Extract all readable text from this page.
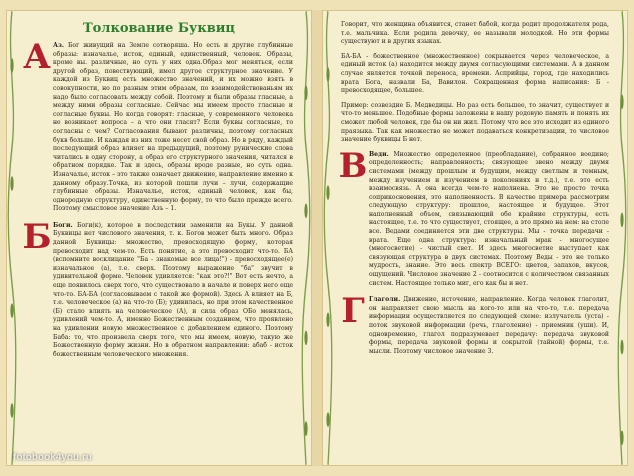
Толкование Буквиц
А Аз. Бог живущий на Земле сотворяша. Но есть и другие глубинные образы: изначалье, исток, единый, единственный, человек. Образы, кроме вы. различные, но суть у них одна.Образ мог меняться, если другой образ, повествующий, имел другое структурное значение. У каждой из Буквиц есть множество значений, и их можно взять в совокупности, но по разным этим образам, по взаимодействованьям их надо было согласовать между собой. Поэтому и были образы гласные, а между ними образы согласные. Сейчас мы имеем просто гласные и согласные буквы. Но когда говорят: гласные, у современного человека не возникает вопроса – а что они гласят? Если буквы согласные, то согласны с чем? Согласования бывают различны, поэтому согласных букв больше. И каждая из них тоже несет свой образ. Но в ряду, каждый последующий образ влияет на предыдущий, поэтому рунические слова читались в одну сторону, а образ его структурного значения, читался в обратном порядке. Так и здесь, образы вроде разные, но суть одна. Изначалье, исток – это также означает движение, направление именно к данному образу.Точка, из которой пошли лучи – лучи, содержащие глубинные образы. Изначалье, исток, единый человек, как бы, однородную структуру, единственную форму, то что было прежде всего. Поэтому смысловое значение Азъ – 1.

Б Боги. Боги(к), которое в последствии заменили на Букы. У данной Буквицы нет числового значения, т. к. Богов может быть много. Образ данной Буквицы: множество, превосходящую форму, которая превосходит над чем-то. Есть понятие, а это превосходит что-то. БА (вспомните восклицание "Ба - знакомые все лица!") - превосходящее(е) изначальное (а), т.е. сверх. Поэтому выражение "ба" звучит в удивительной форме. Человек удивляется: "как это?!" Вот есть нечто, а еще появилось сверх того, что существовало в начале и поверх него еще что-то. БА-БА (согласовываем с такой же формой). Здесь А влияет на Б, т.е. человеческое (а) на что-то (Б); удивилась, но при этом качественное (Б) стало влиять на человеческое (А), и сила образ ОБо менялась, удивлений чем-то. А, именно Божественным созданием, что проявлено на удивлении новую множественное с добавлением единого. Поэтому Баба: то, что произвела сверх того, что мы имеем, новую, такую же Божественную форму жизни. Но в обратном направлении: абаб - исток божественным человеческого множения.

fotobook4you.ru

Говорит, что женщина объявится, станет бабой, когда родит продолжателя рода, т.е. мальчика. Если родила девочку, ее называли молодкой. Но эти формы существуют и в других языках.

БА-БА - божественное (множественное) сокрывается через человеческое, а единый исток (а) находится между двумя согласующими системами. А в данном случае является точкой переноса, времени. Асприйцы, город, где находились врата Бога, назвали Ба, Вавилон. Сокращенная форма написания: Б - превосходящее, большее.

Пример: созвездие Б. Медведицы. Но раз есть большее, то значит, существует и что-то меньшее. Подобные формы заложены в нашу родовую память и понять их сможет любой человек, где бы он ни жил. Потому что все это исходит из единого праязыка. Так как множество не может подаваться конкретизации, то числовое значение буквицы Б нет.

В Веди. Множество определенное (преобладание), собранное воедино; определенность; направленность; связующее звено между двумя системами (между прошлым и будущим, между светлым и темным, между изучением и изучением в поколениях и т.д.), т.е. это есть взаимосвязь. А она всегда чем-то наполнена. Это не просто точка соприкосновения, это наполненность. В качестве примера рассмотрим следующую структуру: прошлое, настоящее и будущее. Этот наполненный объем, связывающий обе крайние структуры, есть настоящее, т.е. то что существует, стоящее, а это прямо на нем: на столе все. Ведами соединяется эти две структуры. Мы - точка передачи - врата. Еще одна структура: изначальный мрак - многосущее (многосветие) - чистый свет. И здесь многосветие выступает как связующая структура в двух системах. Поэтому Веды - это не только мудрость, знание. Это весь спектр ВСЕГО: цветов, запахов, вкусов, ощущений. Числовое значение 2 - соотносится с количеством связанных систем. Настоящее только миг, его как бы и нет.

Г Глаголи. Движение, источение, направление. Когда человек глаголит, он направляет свою мысль на кого-то или на что-то, т.е. передача информации осуществляется по следующей схеме: излучатель (уста) - поток звуковой информации (речь, глаголение) - приемник (уши). И, одновременно, глагол подразумевает передачу: передача звуковой формы, передача звуковой формы и сокрытой (тайной) формы, т.е. мысли. Поэтому числовое значение 3.
